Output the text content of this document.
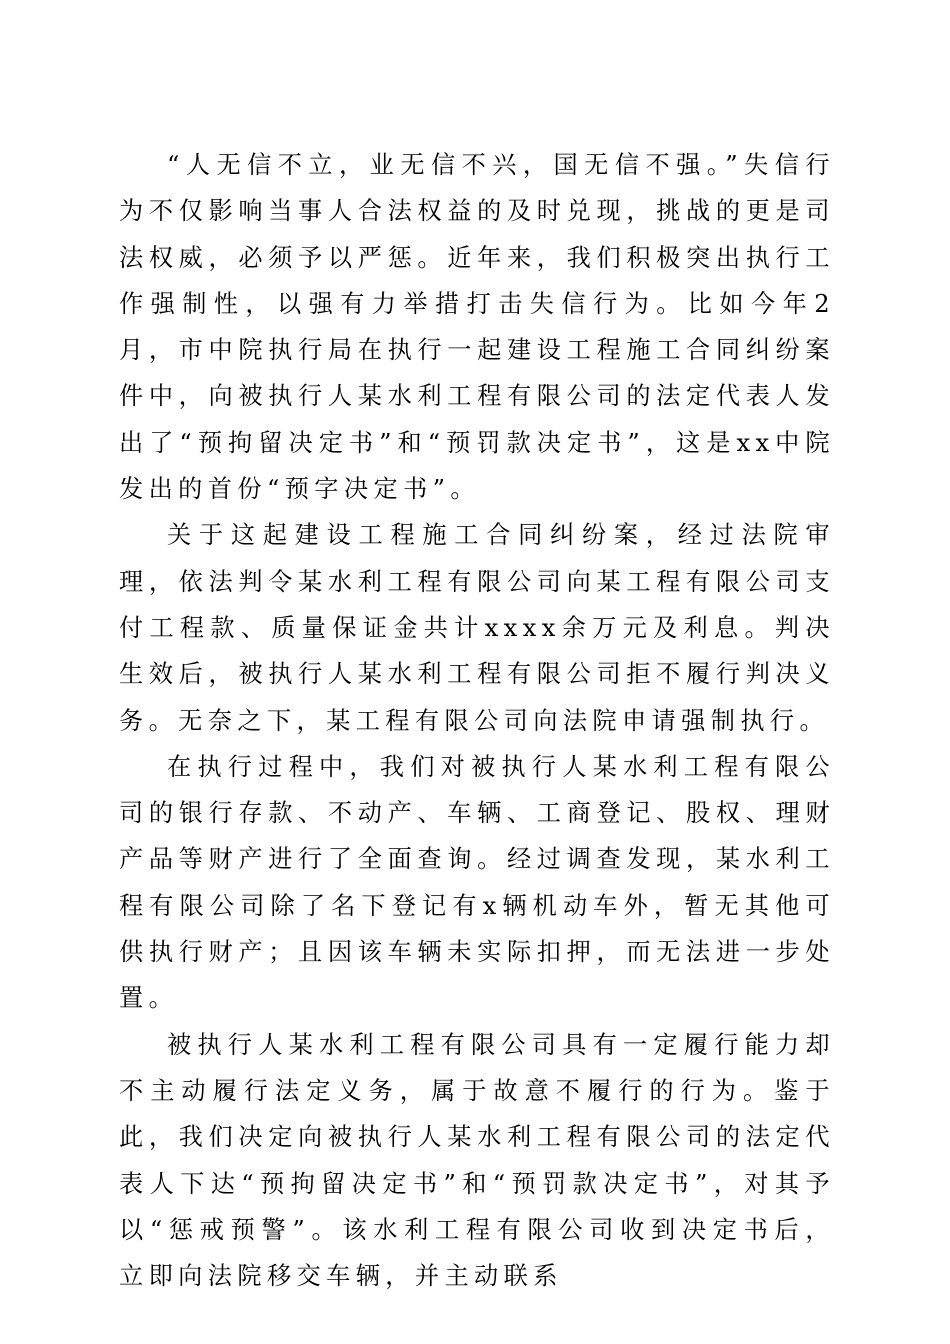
“人无信不立，业无信不兴，国无信不强。”失信行为不仅影响当事人合法权益的及时兑现，挑战的更是司法权威，必须予以严惩。近年来，我们积极突出执行工作强制性，以强有力举措打击失信行为。比如今年2月，市中院执行局在执行一起建设工程施工合同纠纷案件中，向被执行人某水利工程有限公司的法定代表人发出了“预拘留决定书”和“预罚款决定书”，这是xx中院发出的首份“预字决定书”。

关于这起建设工程施工合同纠纷案，经过法院审理，依法判令某水利工程有限公司向某工程有限公司支付工程款、质量保证金共计xxxx余万元及利息。判决生效后，被执行人某水利工程有限公司拒不履行判决义务。无奈之下，某工程有限公司向法院申请强制执行。

在执行过程中，我们对被执行人某水利工程有限公司的银行存款、不动产、车辆、工商登记、股权、理财产品等财产进行了全面查询。经过调查发现，某水利工程有限公司除了名下登记有x辆机动车外，暂无其他可供执行财产；且因该车辆未实际扣押，而无法进一步处置。

被执行人某水利工程有限公司具有一定履行能力却不主动履行法定义务，属于故意不履行的行为。鉴于此，我们决定向被执行人某水利工程有限公司的法定代表人下达“预拘留决定书”和“预罚款决定书”，对其予以“惩戒预警”。该水利工程有限公司收到决定书后，立即向法院移交车辆，并主动联系
